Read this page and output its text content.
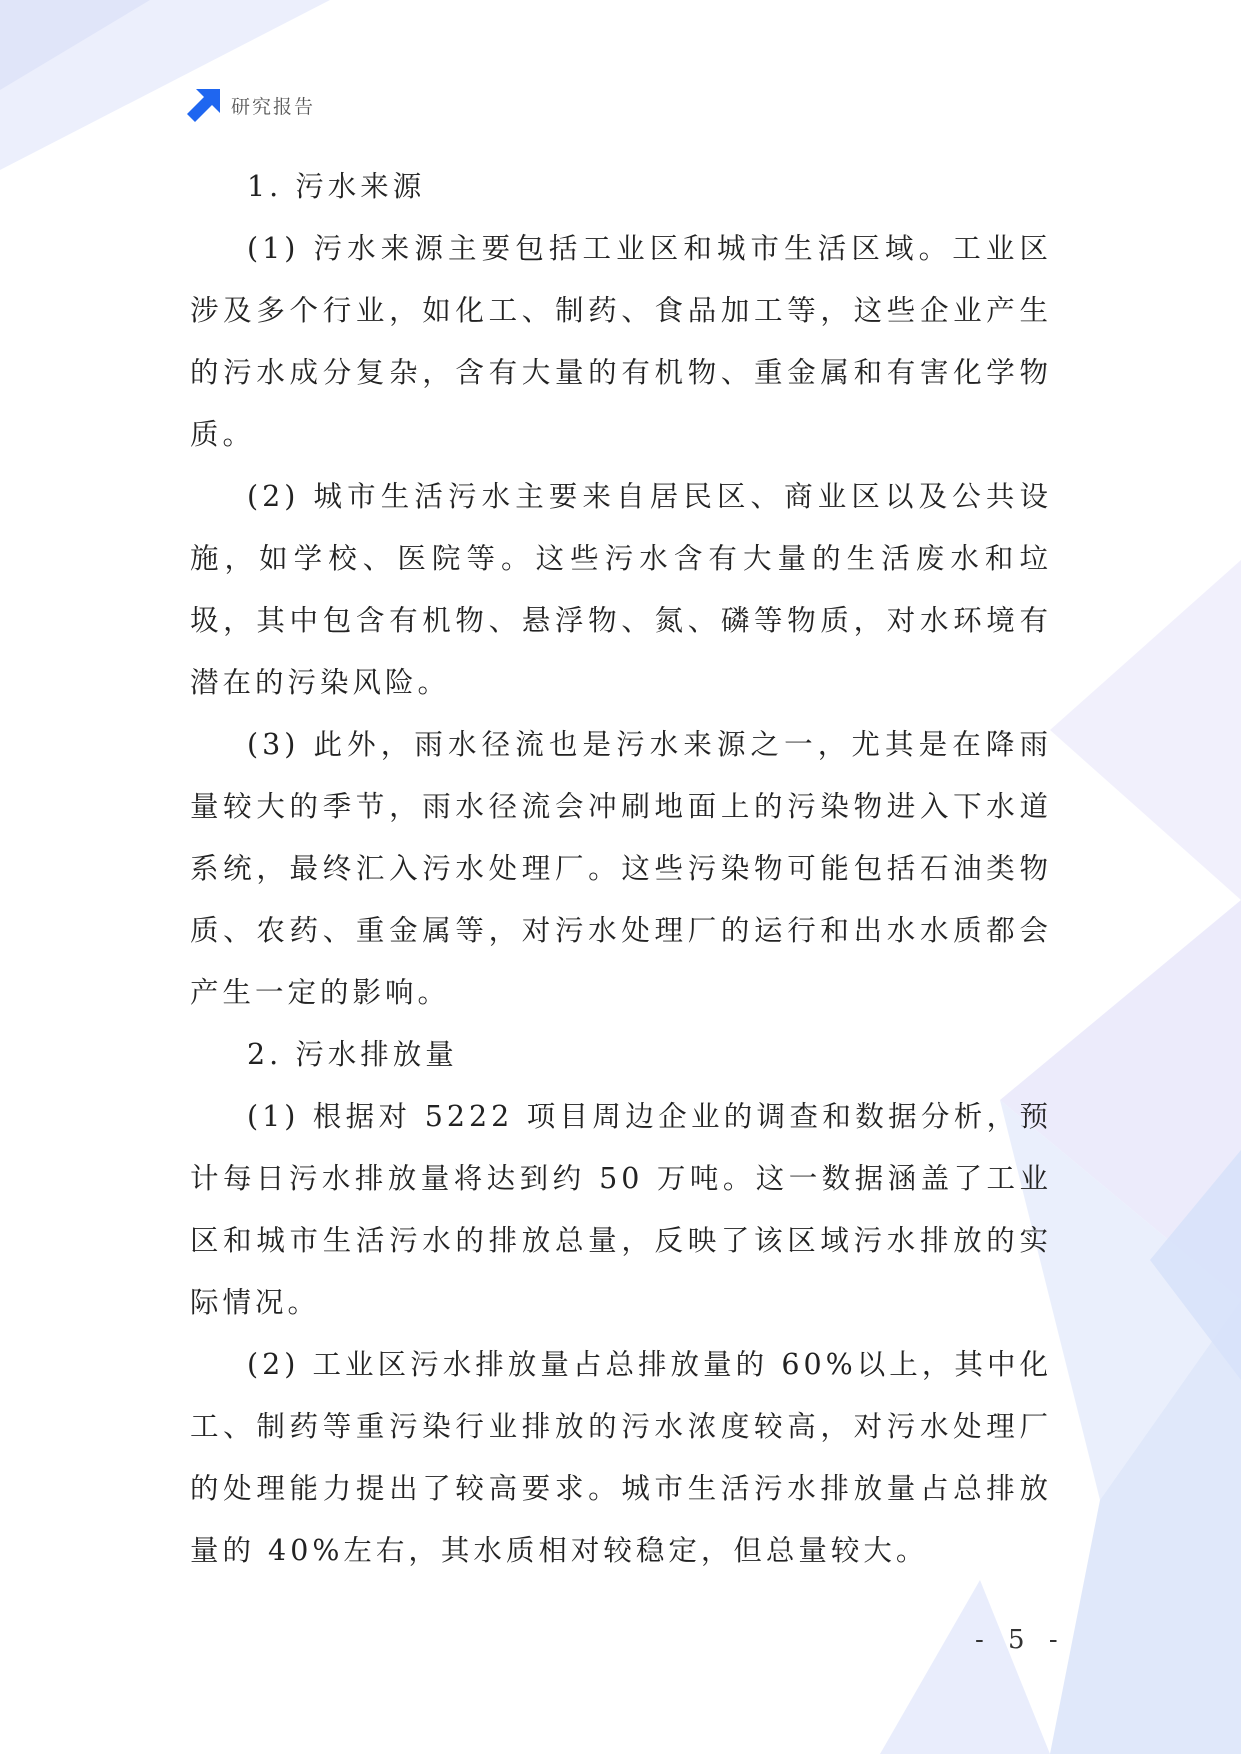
研究报告

1. 污水来源

(1) 污水来源主要包括工业区和城市生活区域。工业区涉及多个行业，如化工、制药、食品加工等，这些企业产生的污水成分复杂，含有大量的有机物、重金属和有害化学物质。

(2) 城市生活污水主要来自居民区、商业区以及公共设施，如学校、医院等。这些污水含有大量的生活废水和垃圾，其中包含有机物、悬浮物、氮、磷等物质，对水环境有潜在的污染风险。

(3) 此外，雨水径流也是污水来源之一，尤其是在降雨量较大的季节，雨水径流会冲刷地面上的污染物进入下水道系统，最终汇入污水处理厂。这些污染物可能包括石油类物质、农药、重金属等，对污水处理厂的运行和出水水质都会产生一定的影响。

2. 污水排放量

(1) 根据对 5222 项目周边企业的调查和数据分析，预计每日污水排放量将达到约 50 万吨。这一数据涵盖了工业区和城市生活污水的排放总量，反映了该区域污水排放的实际情况。

(2) 工业区污水排放量占总排放量的 60%以上，其中化工、制药等重污染行业排放的污水浓度较高，对污水处理厂的处理能力提出了较高要求。城市生活污水排放量占总排放量的 40%左右，其水质相对较稳定，但总量较大。

- 5 -
